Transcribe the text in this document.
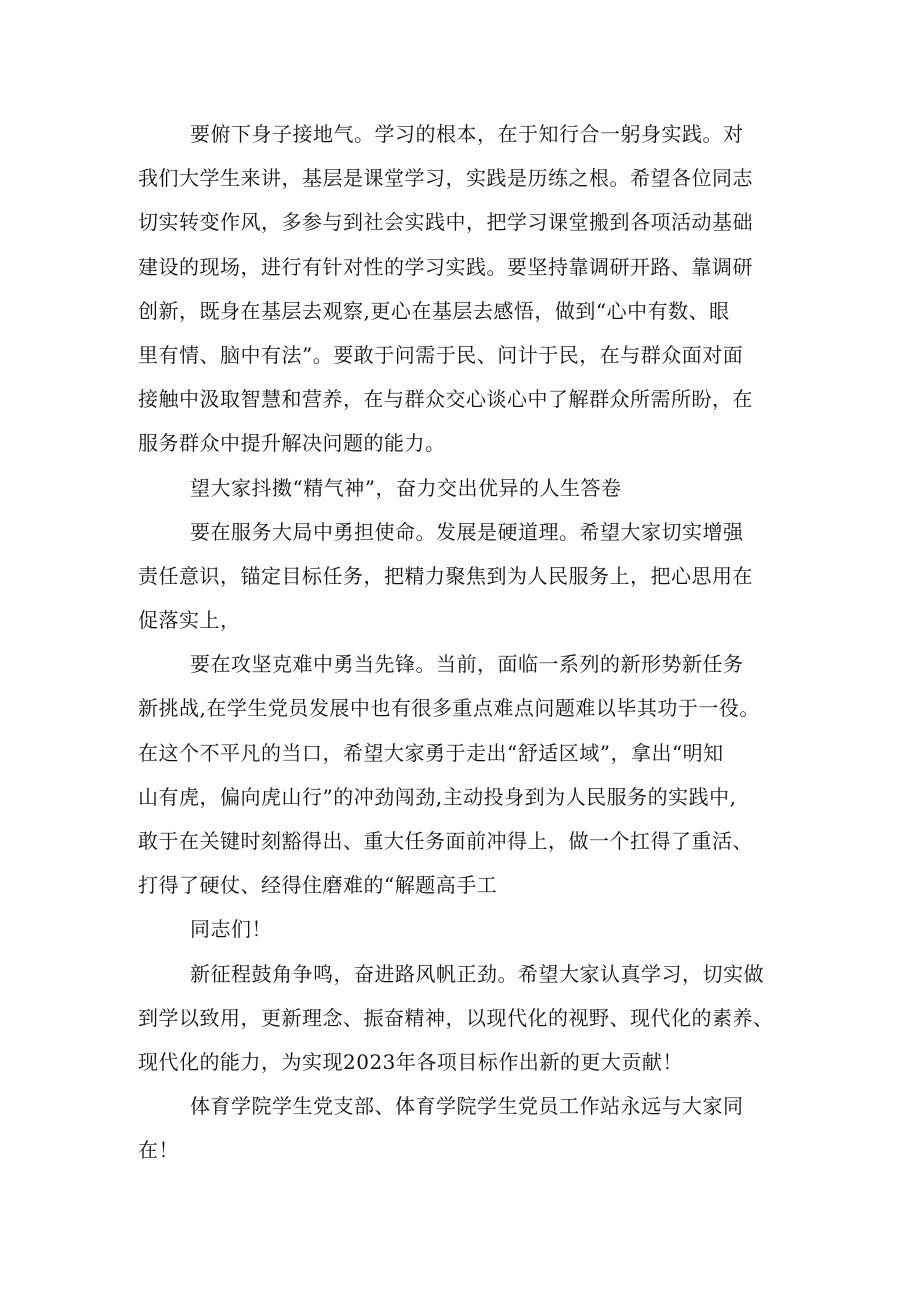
要俯下身子接地气。学习的根本，在于知行合一躬身实践。对
我们大学生来讲，基层是课堂学习，实践是历练之根。希望各位同志
切实转变作风，多参与到社会实践中，把学习课堂搬到各项活动基础
建设的现场，进行有针对性的学习实践。要坚持靠调研开路、靠调研
创新，既身在基层去观察,更心在基层去感悟，做到“心中有数、眼
里有情、脑中有法”。要敢于问需于民、问计于民，在与群众面对面
接触中汲取智慧和营养，在与群众交心谈心中了解群众所需所盼，在
服务群众中提升解决问题的能力。
望大家抖擞“精气神”，奋力交出优异的人生答卷
要在服务大局中勇担使命。发展是硬道理。希望大家切实增强
责任意识，锚定目标任务，把精力聚焦到为人民服务上，把心思用在
促落实上，
要在攻坚克难中勇当先锋。当前，面临一系列的新形势新任务
新挑战,在学生党员发展中也有很多重点难点问题难以毕其功于一役。
在这个不平凡的当口，希望大家勇于走出“舒适区域”，拿出“明知
山有虎，偏向虎山行”的冲劲闯劲,主动投身到为人民服务的实践中,
敢于在关键时刻豁得出、重大任务面前冲得上，做一个扛得了重活、
打得了硬仗、经得住磨难的“解题高手工
同志们！
新征程鼓角争鸣，奋进路风帆正劲。希望大家认真学习，切实做
到学以致用，更新理念、振奋精神，以现代化的视野、现代化的素养、
现代化的能力，为实现2023年各项目标作出新的更大贡献！
体育学院学生党支部、体育学院学生党员工作站永远与大家同
在！
